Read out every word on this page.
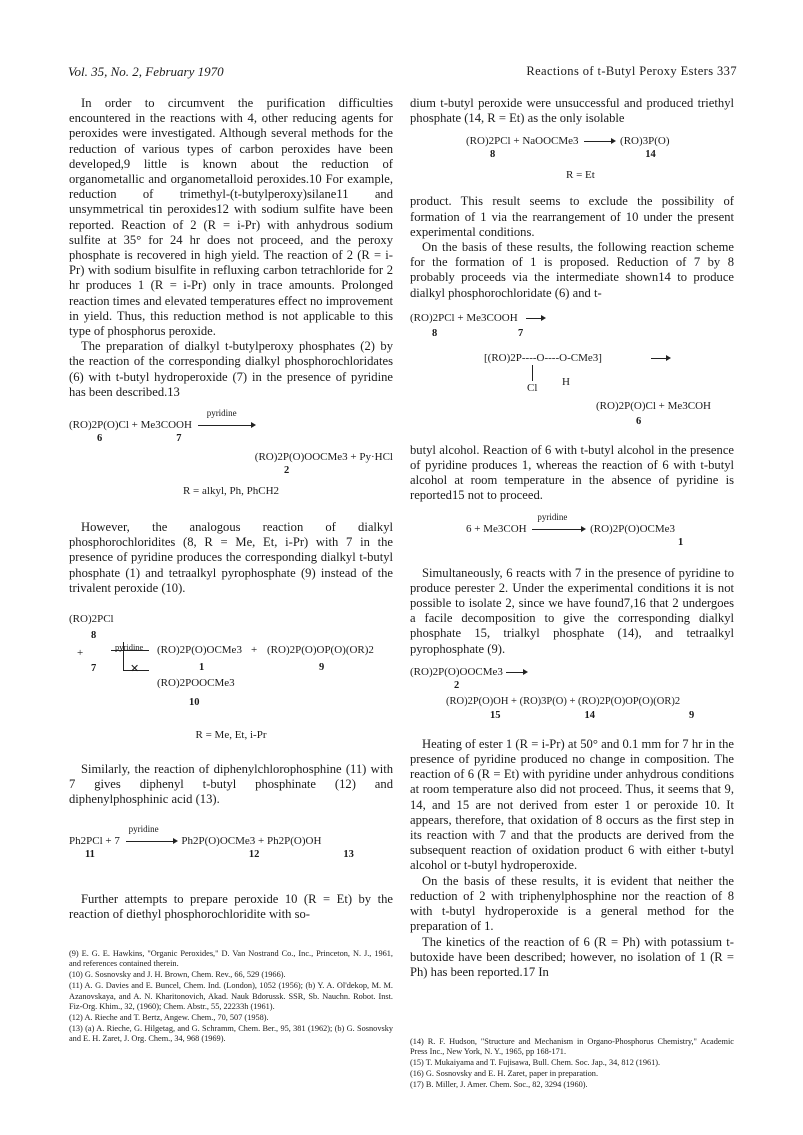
Vol. 35, No. 2, February 1970	Reactions of t-Butyl Peroxy Esters 337

In order to circumvent the purification difficulties encountered in the reactions with 4, other reducing agents for peroxides were investigated. Although several methods for the reduction of various types of carbon peroxides have been developed,9 little is known about the reduction of organometallic and organometalloid peroxides.10 For example, reduction of trimethyl-(t-butylperoxy)silane11 and unsymmetrical tin peroxides12 with sodium sulfite have been reported. Reaction of 2 (R = i-Pr) with anhydrous sodium sulfite at 35° for 24 hr does not proceed, and the peroxy phosphate is recovered in high yield. The reaction of 2 (R = i-Pr) with sodium bisulfite in refluxing carbon tetrachloride for 2 hr produces 1 (R = i-Pr) only in trace amounts. Prolonged reaction times and elevated temperatures effect no improvement in yield. Thus, this reduction method is not applicable to this type of phosphorus peroxide.

The preparation of dialkyl t-butylperoxy phosphates (2) by the reaction of the corresponding dialkyl phosphorochloridates (6) with t-butyl hydroperoxide (7) in the presence of pyridine has been described.13

(RO)2P(O)Cl + Me3COOH
pyridine
6	7
(RO)2P(O)OOCMe3 + Py·HCl
2
R = alkyl, Ph, PhCH2

However, the analogous reaction of dialkyl phosphorochloridites (8, R = Me, Et, i-Pr) with 7 in the presence of pyridine produces the corresponding dialkyl t-butyl phosphate (1) and tetraalkyl pyrophosphate (9) instead of the trivalent peroxide (10).

(RO)2PCl
8
+	pyridine
✕
7
(RO)2P(O)OCMe3 + (RO)2P(O)OP(O)(OR)2
1	9
(RO)2POOCMe3
10
R = Me, Et, i-Pr

Similarly, the reaction of diphenylchlorophosphine (11) with 7 gives diphenyl t-butyl phosphinate (12) and diphenylphosphinic acid (13).

Ph2PCl + 7
pyridine
Ph2P(O)OCMe3 + Ph2P(O)OH
11	12	13

Further attempts to prepare peroxide 10 (R = Et) by the reaction of diethyl phosphorochloridite with so-

(9) E. G. E. Hawkins, "Organic Peroxides," D. Van Nostrand Co., Inc., Princeton, N. J., 1961, and references contained therein.
(10) G. Sosnovsky and J. H. Brown, Chem. Rev., 66, 529 (1966).
(11) A. G. Davies and E. Buncel, Chem. Ind. (London), 1052 (1956); (b) Y. A. Ol'dekop, M. M. Azanovskaya, and A. N. Kharitonovich, Akad. Nauk Bdorussk. SSR, Sb. Nauchn. Robot. Inst. Fiz-Org. Khim., 32, (1960); Chem. Abstr., 55, 22233h (1961).
(12) A. Rieche and T. Bertz, Angew. Chem., 70, 507 (1958).
(13) (a) A. Rieche, G. Hilgetag, and G. Schramm, Chem. Ber., 95, 381 (1962); (b) G. Sosnovsky and E. H. Zaret, J. Org. Chem., 34, 968 (1969).

dium t-butyl peroxide were unsuccessful and produced triethyl phosphate (14, R = Et) as the only isolable

(RO)2PCl + NaOOCMe3	(RO)3P(O)
8	14
R = Et

product. This result seems to exclude the possibility of formation of 1 via the rearrangement of 10 under the present experimental conditions.

On the basis of these results, the following reaction scheme for the formation of 1 is proposed. Reduction of 7 by 8 probably proceeds via the intermediate shown14 to produce dialkyl phosphorochloridate (6) and t-

(RO)2PCl + Me3COOH
8	7
[(RO)2P----O----O-CMe3]
Cl H
(RO)2P(O)Cl + Me3COH
6

butyl alcohol. Reaction of 6 with t-butyl alcohol in the presence of pyridine produces 1, whereas the reaction of 6 with t-butyl alcohol at room temperature in the absence of pyridine is reported15 not to proceed.

6 + Me3COH
pyridine
(RO)2P(O)OCMe3
1

Simultaneously, 6 reacts with 7 in the presence of pyridine to produce perester 2. Under the experimental conditions it is not possible to isolate 2, since we have found7,16 that 2 undergoes a facile decomposition to give the corresponding dialkyl phosphate 15, trialkyl phosphate (14), and tetraalkyl pyrophosphate (9).

(RO)2P(O)OOCMe3
2
(RO)2P(O)OH + (RO)3P(O) + (RO)2P(O)OP(O)(OR)2
15	14	9

Heating of ester 1 (R = i-Pr) at 50° and 0.1 mm for 7 hr in the presence of pyridine produced no change in composition. The reaction of 6 (R = Et) with pyridine under anhydrous conditions at room temperature also did not proceed. Thus, it seems that 9, 14, and 15 are not derived from ester 1 or peroxide 10. It appears, therefore, that oxidation of 8 occurs as the first step in its reaction with 7 and that the products are derived from the subsequent reaction of oxidation product 6 with either t-butyl alcohol or t-butyl hydroperoxide.

On the basis of these results, it is evident that neither the reduction of 2 with triphenylphosphine nor the reaction of 8 with t-butyl hydroperoxide is a general method for the preparation of 1.

The kinetics of the reaction of 6 (R = Ph) with potassium t-butoxide have been described; however, no isolation of 1 (R = Ph) has been reported.17 In

(14) R. F. Hudson, "Structure and Mechanism in Organo-Phosphorus Chemistry," Academic Press Inc., New York, N. Y., 1965, pp 168-171.
(15) T. Mukaiyama and T. Fujisawa, Bull. Chem. Soc. Jap., 34, 812 (1961).
(16) G. Sosnovsky and E. H. Zaret, paper in preparation.
(17) B. Miller, J. Amer. Chem. Soc., 82, 3294 (1960).
